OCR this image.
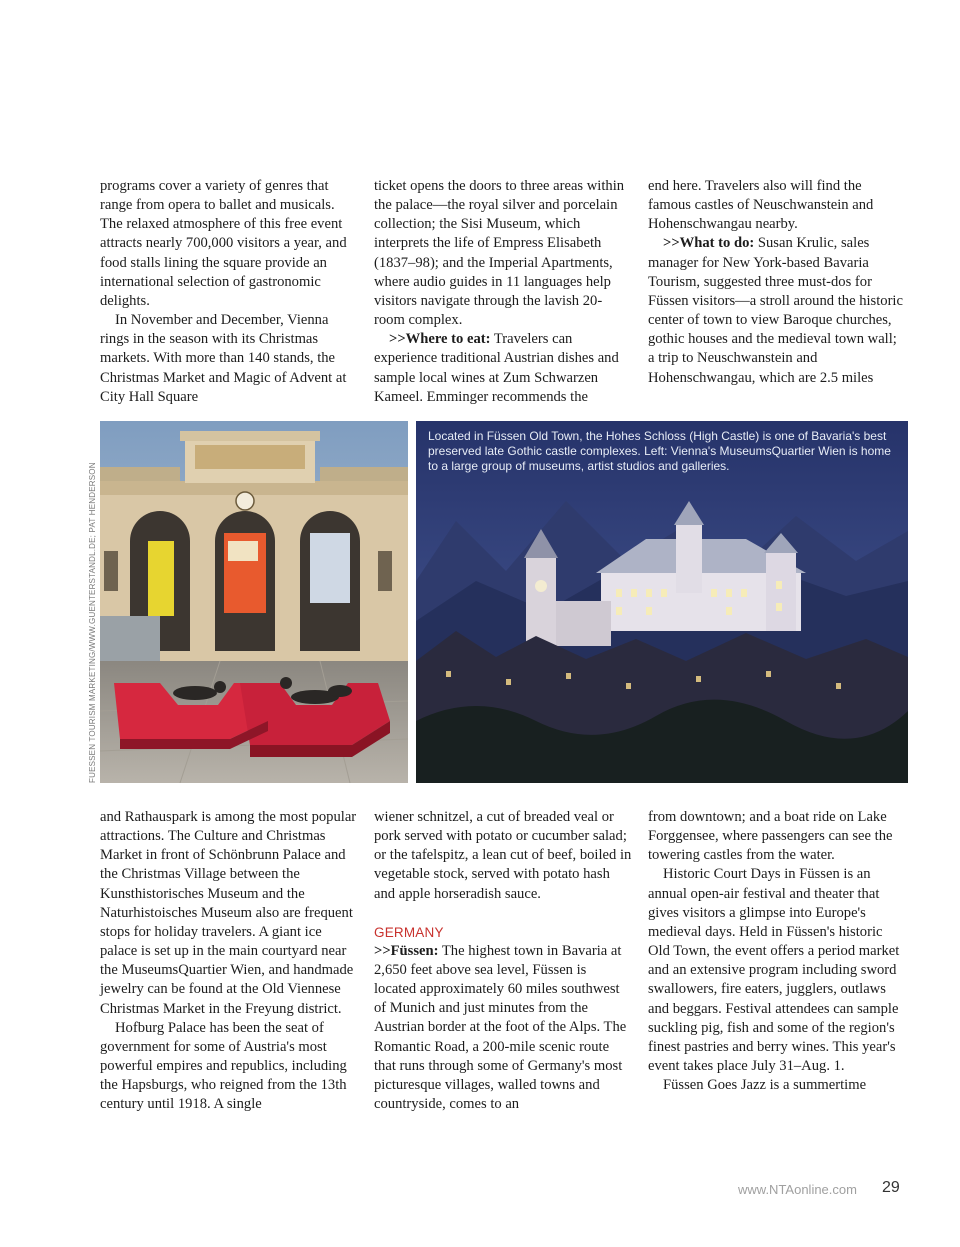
programs cover a variety of genres that range from opera to ballet and musicals. The relaxed atmosphere of this free event attracts nearly 700,000 visitors a year, and food stalls lining the square provide an international selection of gastronomic delights.

In November and December, Vienna rings in the season with its Christmas markets. With more than 140 stands, the Christmas Market and Magic of Advent at City Hall Square

ticket opens the doors to three areas within the palace—the royal silver and porcelain collection; the Sisi Museum, which interprets the life of Empress Elisabeth (1837–98); and the Imperial Apartments, where audio guides in 11 languages help visitors navigate through the lavish 20-room complex.

>>Where to eat: Travelers can experience traditional Austrian dishes and sample local wines at Zum Schwarzen Kameel. Emminger recommends the

end here. Travelers also will find the famous castles of Neuschwanstein and Hohenschwangau nearby.

>>What to do: Susan Krulic, sales manager for New York-based Bavaria Tourism, suggested three must-dos for Füssen visitors—a stroll around the historic center of town to view Baroque churches, gothic houses and the medieval town wall; a trip to Neuschwanstein and Hohenschwangau, which are 2.5 miles

FUESSEN TOURISM MARKETING/WWW.GUENTERSTANDL.DE; PAT HENDERSON
Located in Füssen Old Town, the Hohes Schloss (High Castle) is one of Bavaria's best preserved late Gothic castle complexes. Left: Vienna's MuseumsQuartier Wien is home to a large group of museums, artist studios and galleries.

and Rathauspark is among the most popular attractions. The Culture and Christmas Market in front of Schönbrunn Palace and the Christmas Village between the Kunsthistorisches Museum and the Naturhistoisches Museum also are frequent stops for holiday travelers. A giant ice palace is set up in the main courtyard near the MuseumsQuartier Wien, and handmade jewelry can be found at the Old Viennese Christmas Market in the Freyung district.

Hofburg Palace has been the seat of government for some of Austria's most powerful empires and republics, including the Hapsburgs, who reigned from the 13th century until 1918. A single

wiener schnitzel, a cut of breaded veal or pork served with potato or cucumber salad; or the tafelspitz, a lean cut of beef, boiled in vegetable stock, served with potato hash and apple horseradish sauce.

GERMANY

>>Füssen: The highest town in Bavaria at 2,650 feet above sea level, Füssen is located approximately 60 miles southwest of Munich and just minutes from the Austrian border at the foot of the Alps. The Romantic Road, a 200-mile scenic route that runs through some of Germany's most picturesque villages, walled towns and countryside, comes to an

from downtown; and a boat ride on Lake Forggensee, where passengers can see the towering castles from the water.

Historic Court Days in Füssen is an annual open-air festival and theater that gives visitors a glimpse into Europe's medieval days. Held in Füssen's historic Old Town, the event offers a period market and an extensive program including sword swallowers, fire eaters, jugglers, outlaws and beggars. Festival attendees can sample suckling pig, fish and some of the region's finest pastries and berry wines. This year's event takes place July 31–Aug. 1.

Füssen Goes Jazz is a summertime

www.NTAonline.com 29
